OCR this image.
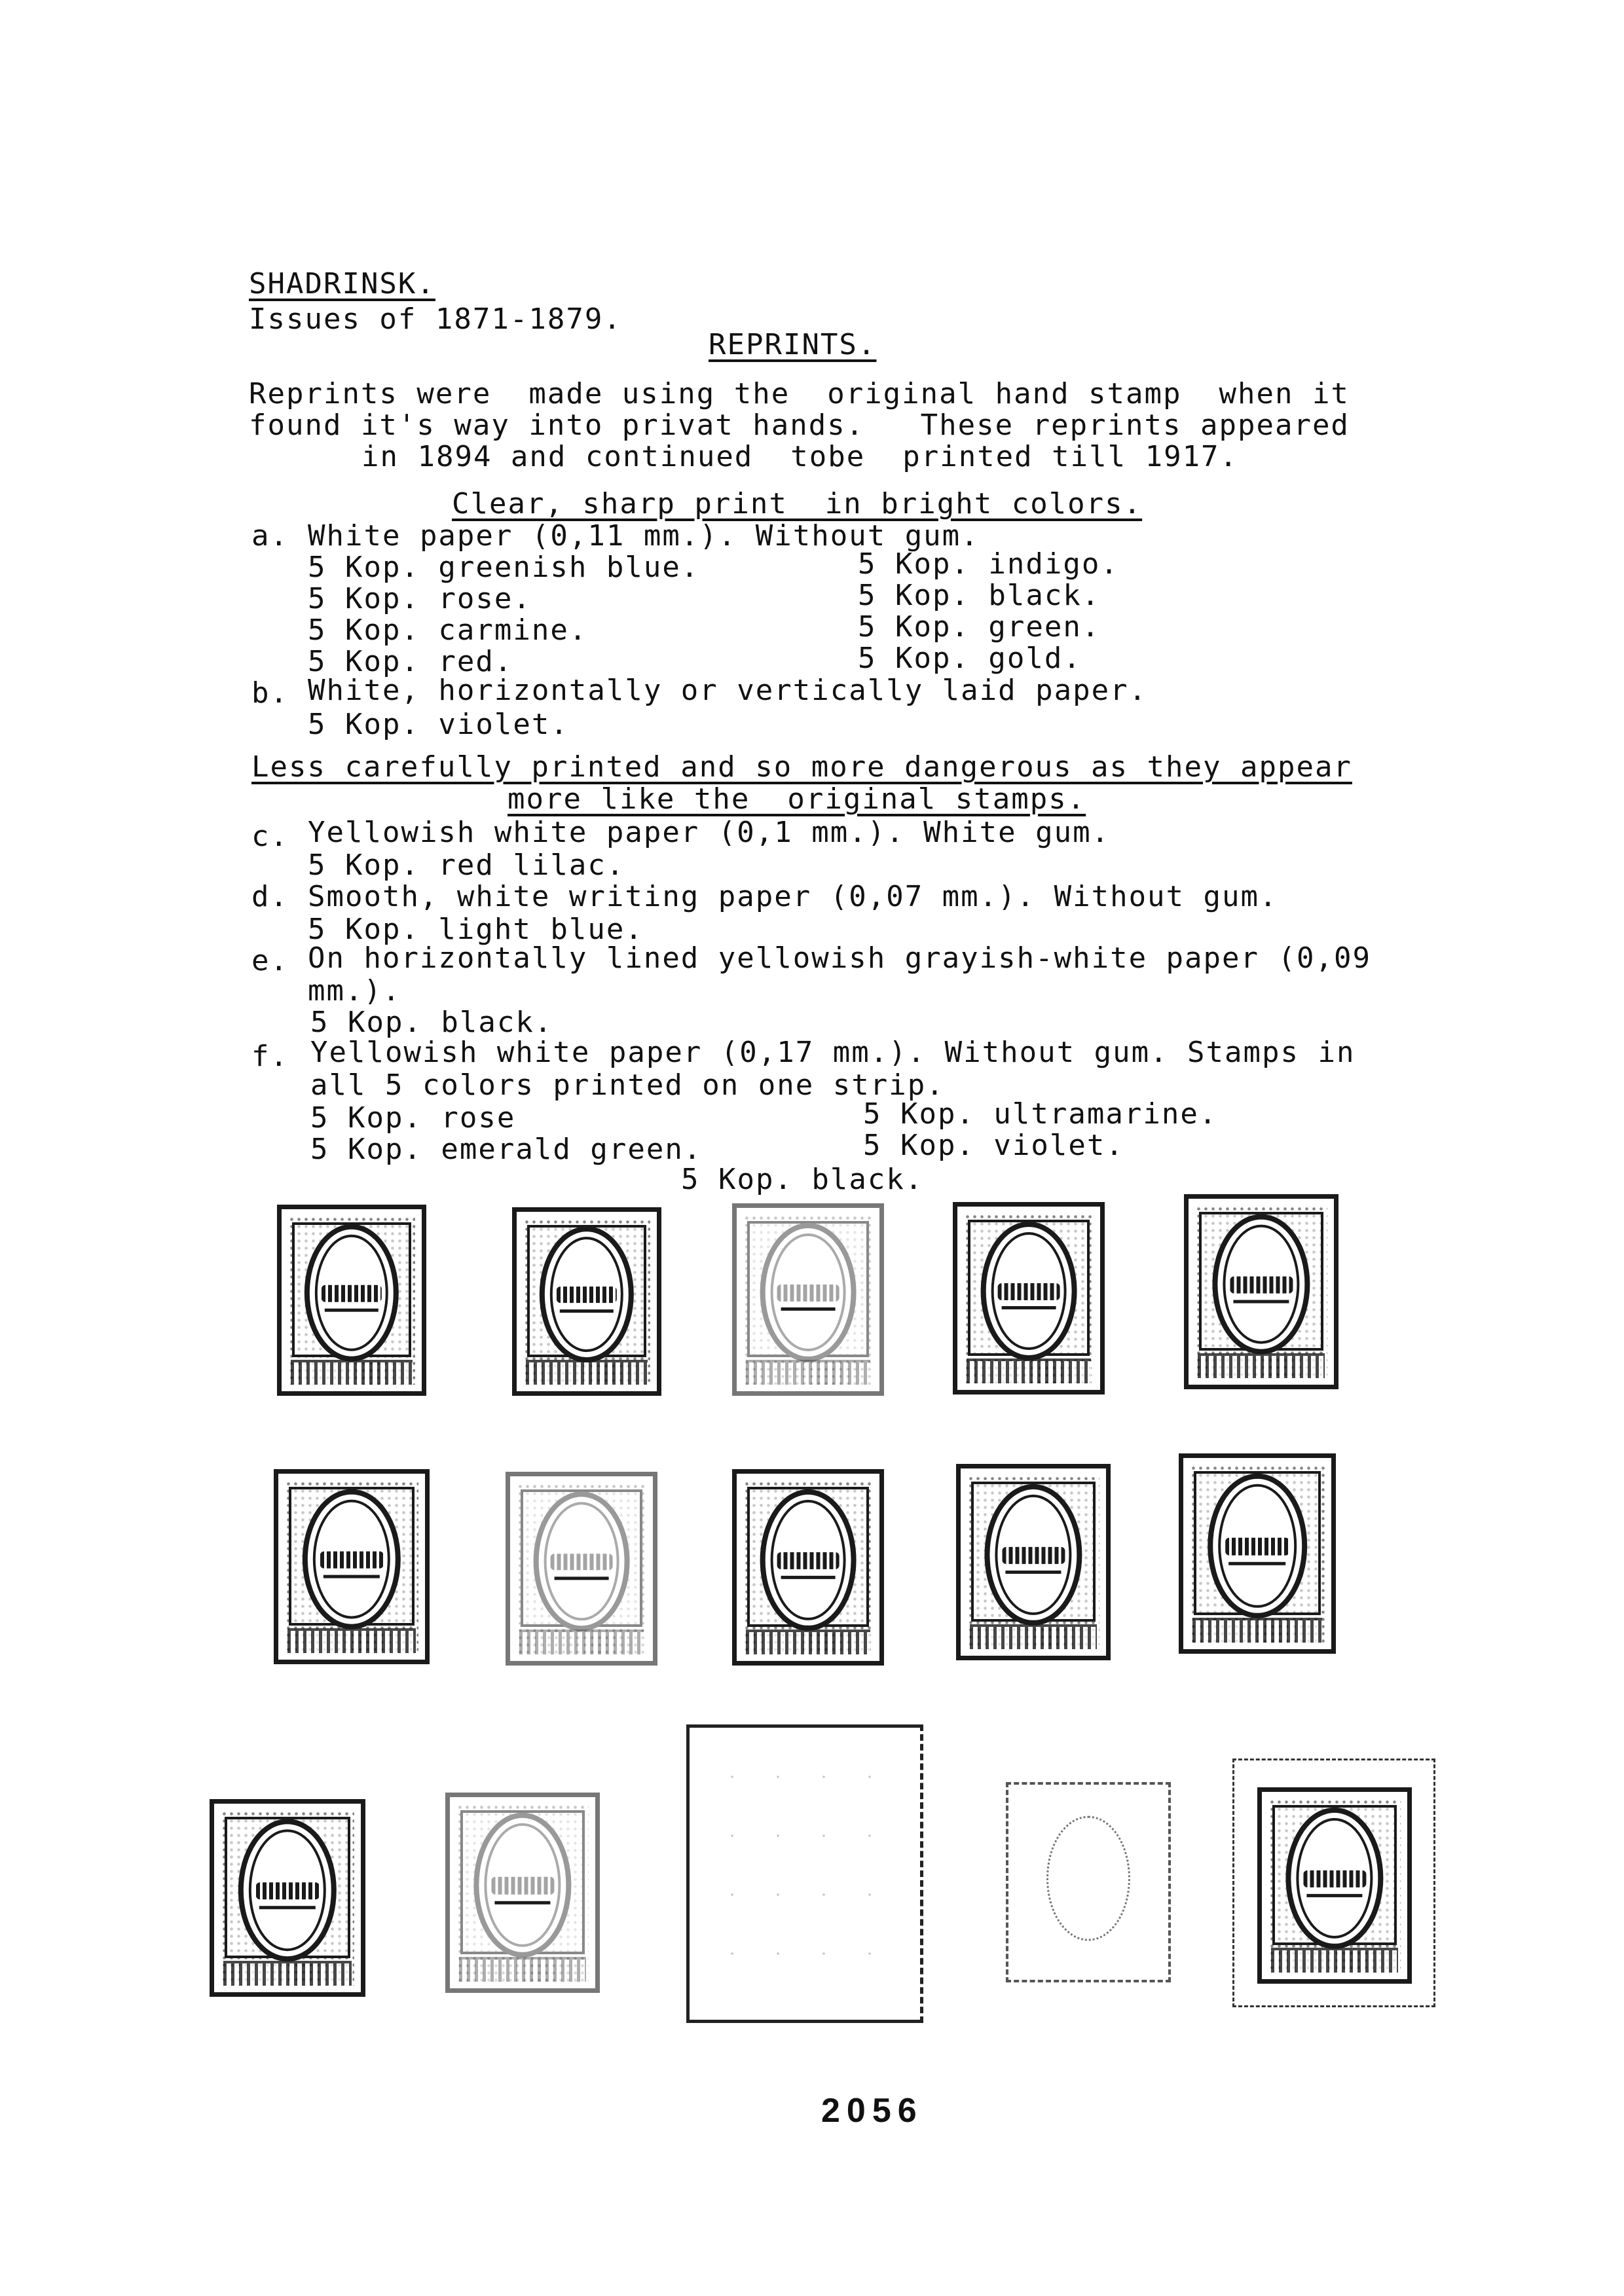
SHADRINSK.
Issues of 1871-1879.
REPRINTS.
Reprints were  made using the  original hand stamp  when it
found it's way into privat hands.   These reprints appeared
in 1894 and continued  tobe  printed till 1917.
Clear, sharp print  in bright colors.
a. White paper (0,11 mm.). Without gum.
5 Kop. greenish blue.
5 Kop. rose.
5 Kop. carmine.
5 Kop. red.
5 Kop. indigo.
5 Kop. black.
5 Kop. green.
5 Kop. gold.
b. White, horizontally or vertically laid paper.
5 Kop. violet.
Less carefully printed and so more dangerous as they appear
more like the  original stamps.
c. Yellowish white paper (0,1 mm.). White gum.
5 Kop. red lilac.
d. Smooth, white writing paper (0,07 mm.). Without gum.
5 Kop. light blue.
e. On horizontally lined yellowish grayish-white paper (0,09
mm.).
5 Kop. black.
f. Yellowish white paper (0,17 mm.). Without gum. Stamps in
all 5 colors printed on one strip.
5 Kop. rose
5 Kop. emerald green.
5 Kop. ultramarine.
5 Kop. violet.
5 Kop. black.
2056
